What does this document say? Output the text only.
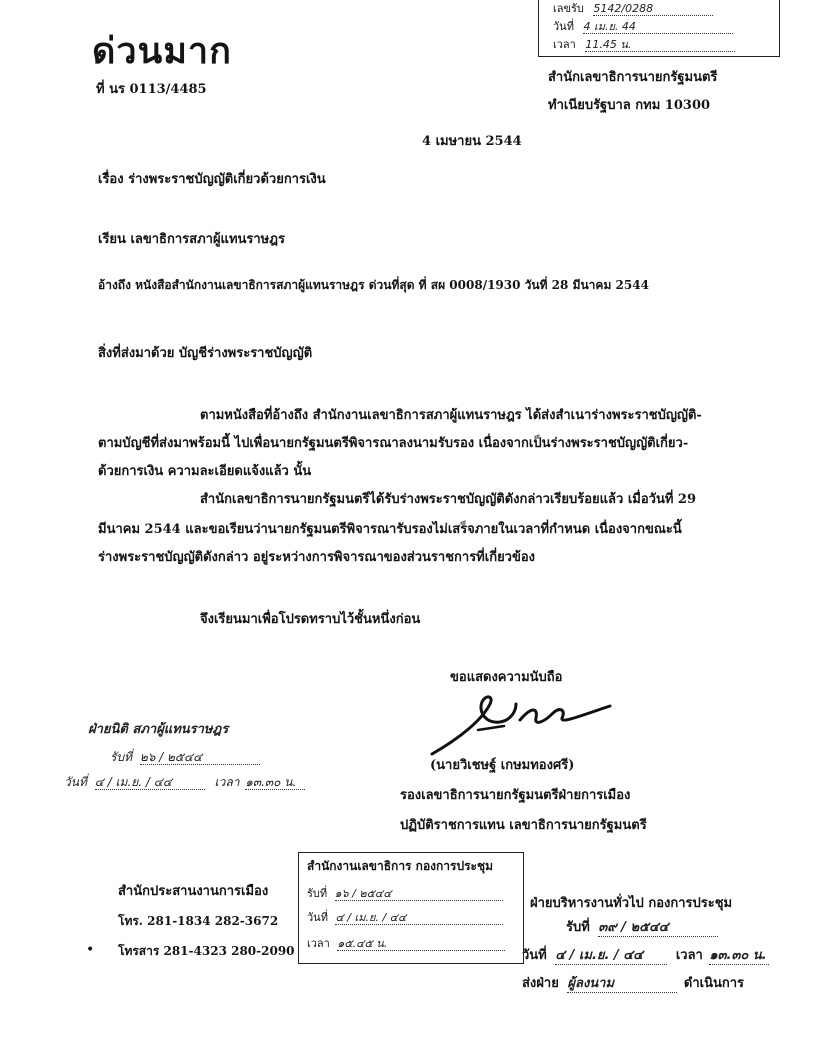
เลขรับ 5142/0288
วันที่ 4 เม.ย. 44
เวลา 11.45 น.
ด่วนมาก
ที่ นร 0113/4485
สำนักเลขาธิการนายกรัฐมนตรี
ทำเนียบรัฐบาล กทม 10300
4 เมษายน 2544
เรื่อง ร่างพระราชบัญญัติเกี่ยวด้วยการเงิน
เรียน เลขาธิการสภาผู้แทนราษฎร
อ้างถึง หนังสือสำนักงานเลขาธิการสภาผู้แทนราษฎร ด่วนที่สุด ที่ สผ 0008/1930 วันที่ 28 มีนาคม 2544
สิ่งที่ส่งมาด้วย บัญชีร่างพระราชบัญญัติ
ตามหนังสือที่อ้างถึง สำนักงานเลขาธิการสภาผู้แทนราษฎร ได้ส่งสำเนาร่างพระราชบัญญัติ-
ตามบัญชีที่ส่งมาพร้อมนี้ ไปเพื่อนายกรัฐมนตรีพิจารณาลงนามรับรอง เนื่องจากเป็นร่างพระราชบัญญัติเกี่ยว-
ด้วยการเงิน ความละเอียดแจ้งแล้ว นั้น
สำนักเลขาธิการนายกรัฐมนตรีได้รับร่างพระราชบัญญัติดังกล่าวเรียบร้อยแล้ว เมื่อวันที่ 29
มีนาคม 2544 และขอเรียนว่านายกรัฐมนตรีพิจารณารับรองไม่เสร็จภายในเวลาที่กำหนด เนื่องจากขณะนี้
ร่างพระราชบัญญัติดังกล่าว อยู่ระหว่างการพิจารณาของส่วนราชการที่เกี่ยวข้อง
จึงเรียนมาเพื่อโปรดทราบไว้ชั้นหนึ่งก่อน
ขอแสดงความนับถือ
(นายวิเชษฐ์ เกษมทองศรี)
รองเลขาธิการนายกรัฐมนตรีฝ่ายการเมือง
ปฏิบัติราชการแทน เลขาธิการนายกรัฐมนตรี
ฝ่ายนิติ สภาผู้แทนราษฎร
รับที่ ๒๖ / ๒๕๔๔
วันที่ ๔ / เม.ย. / ๔๔	เวลา ๑๓.๓๐ น.
สำนักประสานงานการเมือง
โทร. 281-1834 282-3672
• โทรสาร 281-4323 280-2090
สำนักงานเลขาธิการ กองการประชุม
รับที่ ๑๖ / ๒๕๔๔
วันที่ ๔ / เม.ย. / ๔๔
เวลา ๑๕.๔๕ น.
ฝ่ายบริหารงานทั่วไป กองการประชุม
รับที่ ๓๙ / ๒๕๔๔
วันที่ ๔ / เม.ย. / ๔๔	เวลา ๑๓.๓๐ น.
ส่งฝ่าย ผู้ลงนาม	ดำเนินการ
